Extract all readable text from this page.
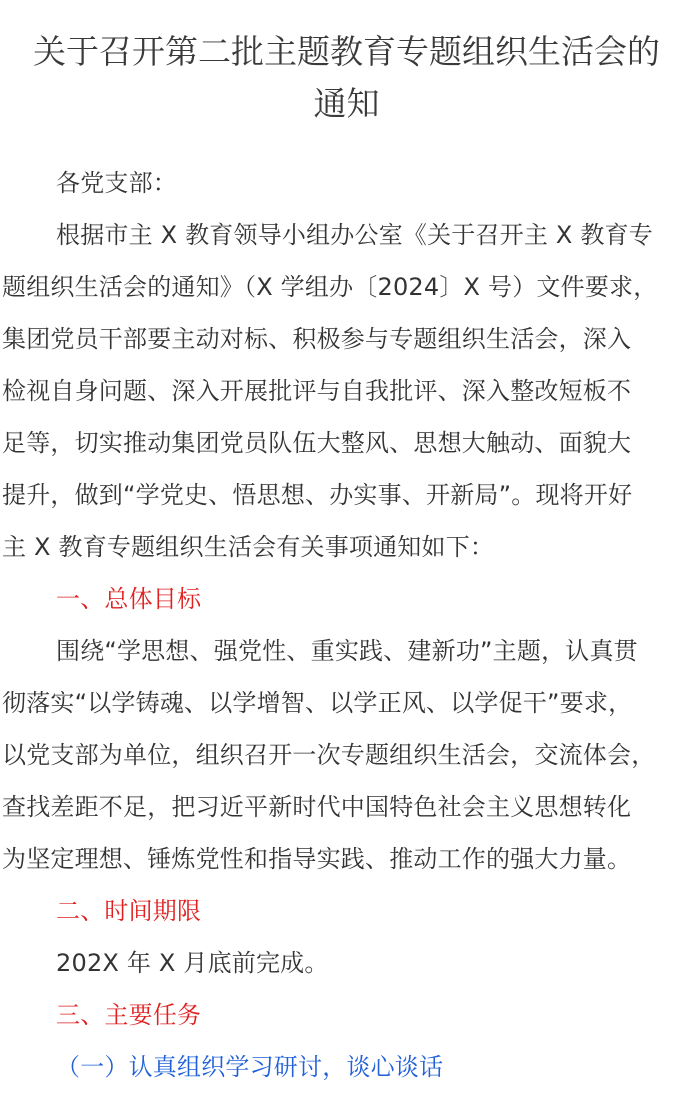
关于召开第二批主题教育专题组织生活会的
通知
各党支部：
根据市主 X 教育领导小组办公室《关于召开主 X 教育专
题组织生活会的通知》（X 学组办〔2024〕X 号）文件要求，
集团党员干部要主动对标、积极参与专题组织生活会，深入
检视自身问题、深入开展批评与自我批评、深入整改短板不
足等，切实推动集团党员队伍大整风、思想大触动、面貌大
提升，做到“学党史、悟思想、办实事、开新局”。现将开好
主 X 教育专题组织生活会有关事项通知如下：
一、总体目标
围绕“学思想、强党性、重实践、建新功”主题，认真贯
彻落实“以学铸魂、以学增智、以学正风、以学促干”要求，
以党支部为单位，组织召开一次专题组织生活会，交流体会，
查找差距不足，把习近平新时代中国特色社会主义思想转化
为坚定理想、锤炼党性和指导实践、推动工作的强大力量。
二、时间期限
202X 年 X 月底前完成。
三、主要任务
（一）认真组织学习研讨，谈心谈话
